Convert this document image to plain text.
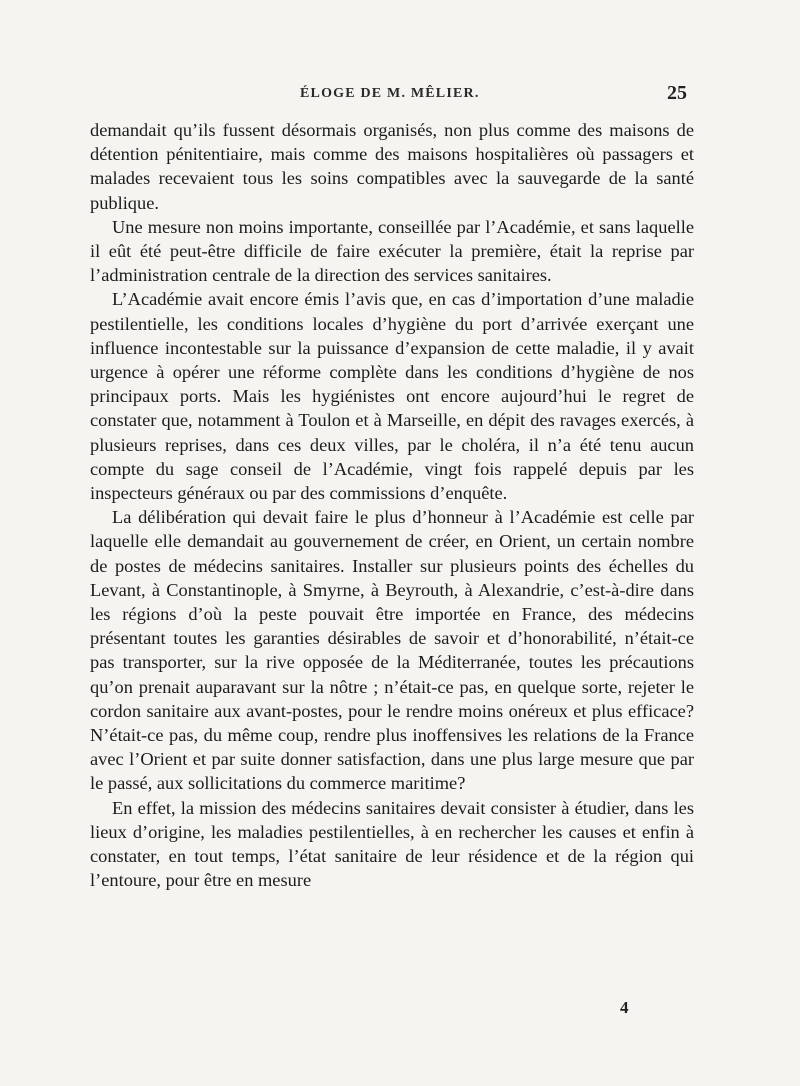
ÉLOGE DE M. MÊLIER.	25

demandait qu’ils fussent désormais organisés, non plus comme des maisons de détention pénitentiaire, mais comme des maisons hospitalières où passagers et malades recevaient tous les soins compatibles avec la sauvegarde de la santé publique.

Une mesure non moins importante, conseillée par l’Académie, et sans laquelle il eût été peut-être difficile de faire exécuter la première, était la reprise par l’administration centrale de la direction des services sanitaires.

L’Académie avait encore émis l’avis que, en cas d’importation d’une maladie pestilentielle, les conditions locales d’hygiène du port d’arrivée exerçant une influence incontestable sur la puissance d’expansion de cette maladie, il y avait urgence à opérer une réforme complète dans les conditions d’hygiène de nos principaux ports. Mais les hygiénistes ont encore aujourd’hui le regret de constater que, notamment à Toulon et à Marseille, en dépit des ravages exercés, à plusieurs reprises, dans ces deux villes, par le choléra, il n’a été tenu aucun compte du sage conseil de l’Académie, vingt fois rappelé depuis par les inspecteurs généraux ou par des commissions d’enquête.

La délibération qui devait faire le plus d’honneur à l’Académie est celle par laquelle elle demandait au gouvernement de créer, en Orient, un certain nombre de postes de médecins sanitaires. Installer sur plusieurs points des échelles du Levant, à Constantinople, à Smyrne, à Beyrouth, à Alexandrie, c’est-à-dire dans les régions d’où la peste pouvait être importée en France, des médecins présentant toutes les garanties désirables de savoir et d’honorabilité, n’était-ce pas transporter, sur la rive opposée de la Méditerranée, toutes les précautions qu’on prenait auparavant sur la nôtre ; n’était-ce pas, en quelque sorte, rejeter le cordon sanitaire aux avant-postes, pour le rendre moins onéreux et plus efficace? N’était-ce pas, du même coup, rendre plus inoffensives les relations de la France avec l’Orient et par suite donner satisfaction, dans une plus large mesure que par le passé, aux sollicitations du commerce maritime?

En effet, la mission des médecins sanitaires devait consister à étudier, dans les lieux d’origine, les maladies pestilentielles, à en rechercher les causes et enfin à constater, en tout temps, l’état sanitaire de leur résidence et de la région qui l’entoure, pour être en mesure

4
